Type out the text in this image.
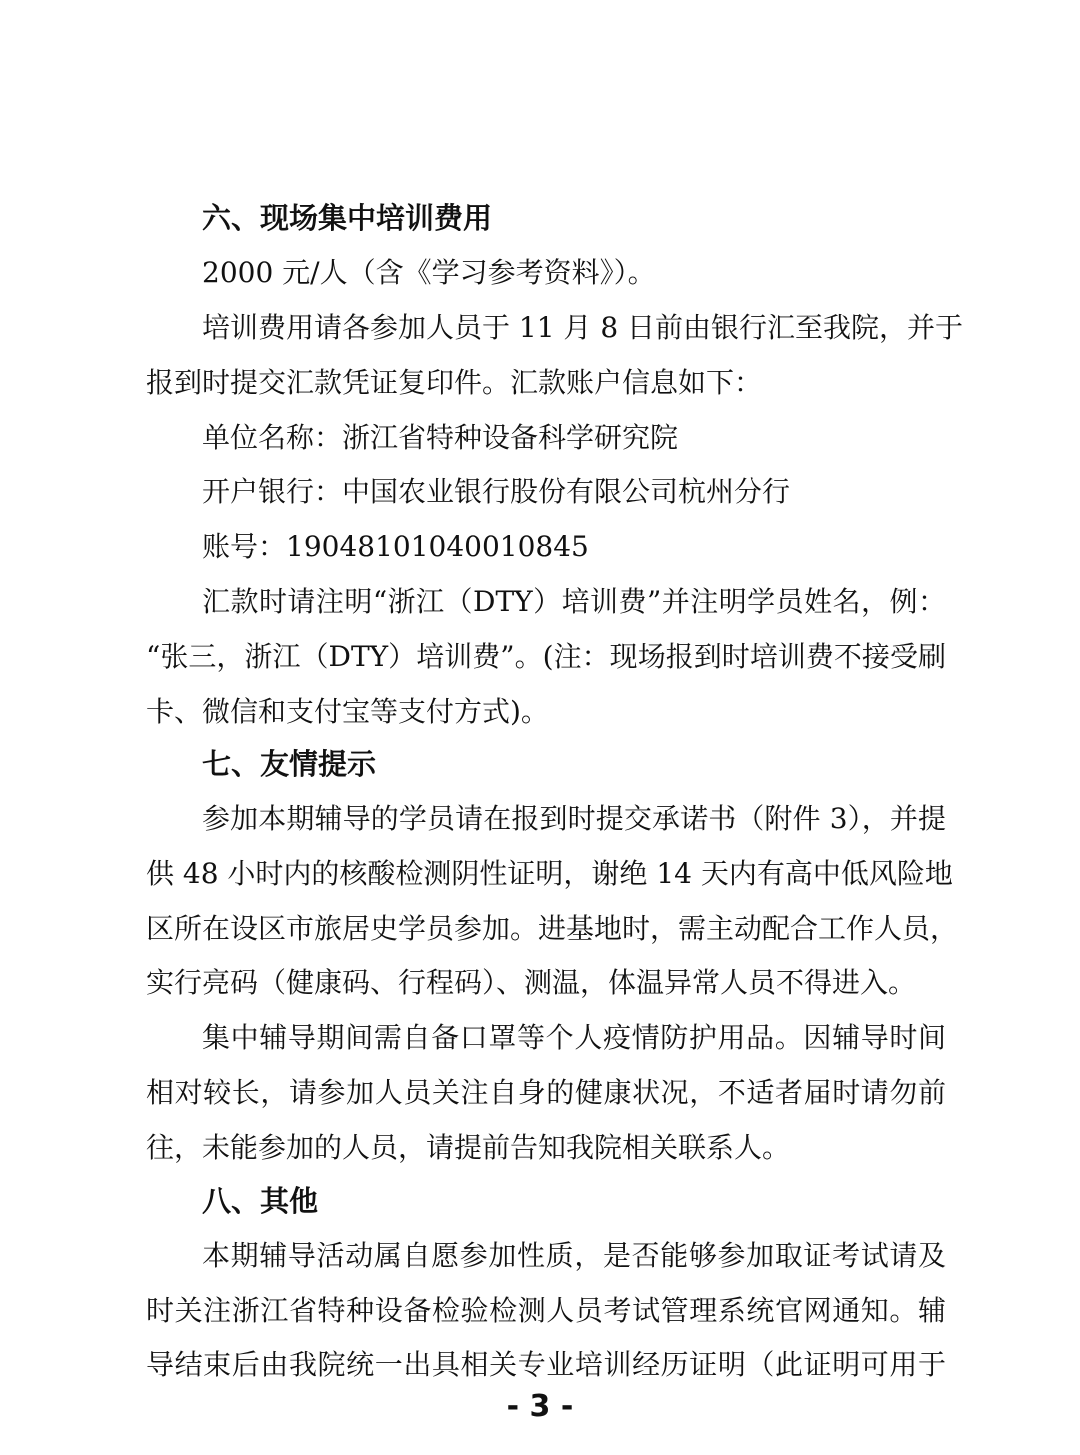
六、现场集中培训费用
2000 元/人（含《学习参考资料》）。
培训费用请各参加人员于 11 月 8 日前由银行汇至我院，并于
报到时提交汇款凭证复印件。汇款账户信息如下：
单位名称：浙江省特种设备科学研究院
开户银行：中国农业银行股份有限公司杭州分行
账号：19048101040010845
汇款时请注明“浙江（DTY）培训费”并注明学员姓名，例：
“张三，浙江（DTY）培训费”。(注：现场报到时培训费不接受刷
卡、微信和支付宝等支付方式)。
七、友情提示
参加本期辅导的学员请在报到时提交承诺书（附件 3），并提
供 48 小时内的核酸检测阴性证明，谢绝 14 天内有高中低风险地
区所在设区市旅居史学员参加。进基地时，需主动配合工作人员，
实行亮码（健康码、行程码）、测温，体温异常人员不得进入。
集中辅导期间需自备口罩等个人疫情防护用品。因辅导时间
相对较长，请参加人员关注自身的健康状况，不适者届时请勿前
往，未能参加的人员，请提前告知我院相关联系人。
八、其他
本期辅导活动属自愿参加性质，是否能够参加取证考试请及
时关注浙江省特种设备检验检测人员考试管理系统官网通知。辅
导结束后由我院统一出具相关专业培训经历证明（此证明可用于
- 3 -
